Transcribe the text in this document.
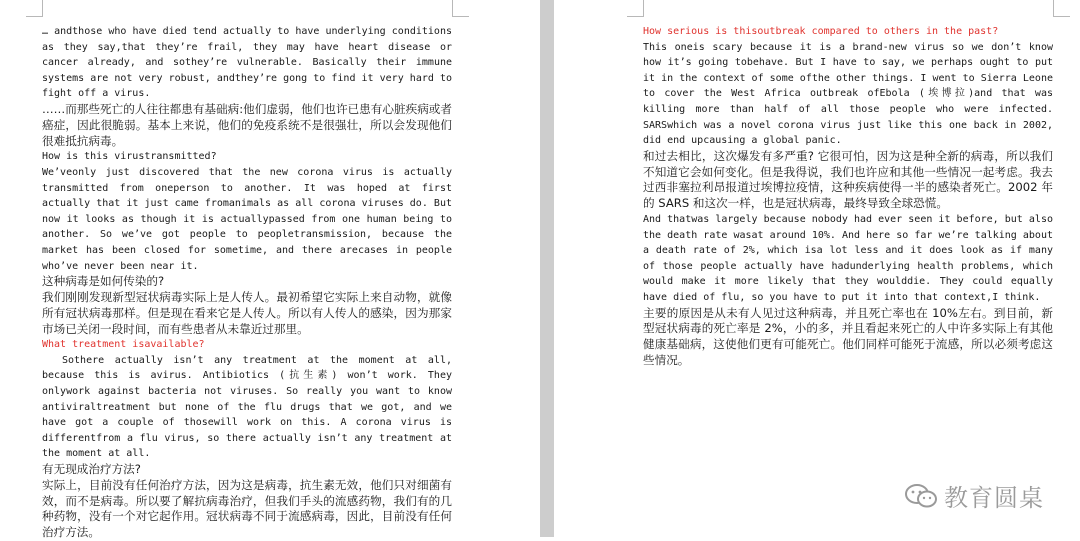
… andthose who have died tend actually to have underlying conditions as they say,that they’re frail, they may have heart disease or cancer already, and sothey’re vulnerable. Basically their immune systems are not very robust, andthey’re gong to find it very hard to fight off a virus.

……而那些死亡的人往往都患有基础病:他们虚弱，他们也许已患有心脏疾病或者癌症，因此很脆弱。基本上来说，他们的免疫系统不是很强壮，所以会发现他们很难抵抗病毒。

How is this virustransmitted?

We’veonly just discovered that the new corona virus is actually transmitted from oneperson to another. It was hoped at first actually that it just came fromanimals as all corona viruses do. But now it looks as though it is actuallypassed from one human being to another. So we’ve got people to peopletransmission, because the market has been closed for sometime, and there arecases in people who’ve never been near it.

这种病毒是如何传染的?

我们刚刚发现新型冠状病毒实际上是人传人。最初希望它实际上来自动物，就像所有冠状病毒那样。但是现在看来它是人传人。所以有人传人的感染，因为那家市场已关闭一段时间，而有些患者从未靠近过那里。

What treatment isavailable?

Sothere actually isn’t any treatment at the moment at all, because this is avirus. Antibiotics (抗生素) won’t work. They onlywork against bacteria not viruses. So really you want to know antiviraltreatment but none of the flu drugs that we got, and we have got a couple of thosewill work on this. A corona virus is differentfrom a flu virus, so there actually isn’t any treatment at the moment at all.

有无现成治疗方法?

实际上，目前没有任何治疗方法，因为这是病毒，抗生素无效，他们只对细菌有效，而不是病毒。所以要了解抗病毒治疗，但我们手头的流感药物，我们有的几种药物，没有一个对它起作用。冠状病毒不同于流感病毒，因此，目前没有任何治疗方法。

How serious is thisoutbreak compared to others in the past?

This oneis scary because it is a brand-new virus so we don’t know how it’s going tobehave. But I have to say, we perhaps ought to put it in the context of some ofthe other things. I went to Sierra Leone to cover the West Africa outbreak ofEbola (埃博拉)and that was killing more than half of all those people who were infected. SARSwhich was a novel corona virus just like this one back in 2002, did end upcausing a global panic.

和过去相比，这次爆发有多严重? 它很可怕，因为这是种全新的病毒，所以我们不知道它会如何变化。但是我得说，我们也许应和其他一些情况一起考虑。我去过西非塞拉利昂报道过埃博拉疫情，这种疾病使得一半的感染者死亡。2002 年的 SARS 和这次一样，也是冠状病毒，最终导致全球恐慌。

And thatwas largely because nobody had ever seen it before, but also the death rate wasat around 10%. And here so far we’re talking about a death rate of 2%, which isa lot less and it does look as if many of those people actually have hadunderlying health problems, which would make it more likely that they woulddie. They could equally have died of flu, so you have to put it into that context,I think.

主要的原因是从未有人见过这种病毒，并且死亡率也在 10%左右。到目前，新型冠状病毒的死亡率是 2%，小的多，并且看起来死亡的人中许多实际上有其他健康基础病，这使他们更有可能死亡。他们同样可能死于流感，所以必须考虑这些情况。

教育圆桌
